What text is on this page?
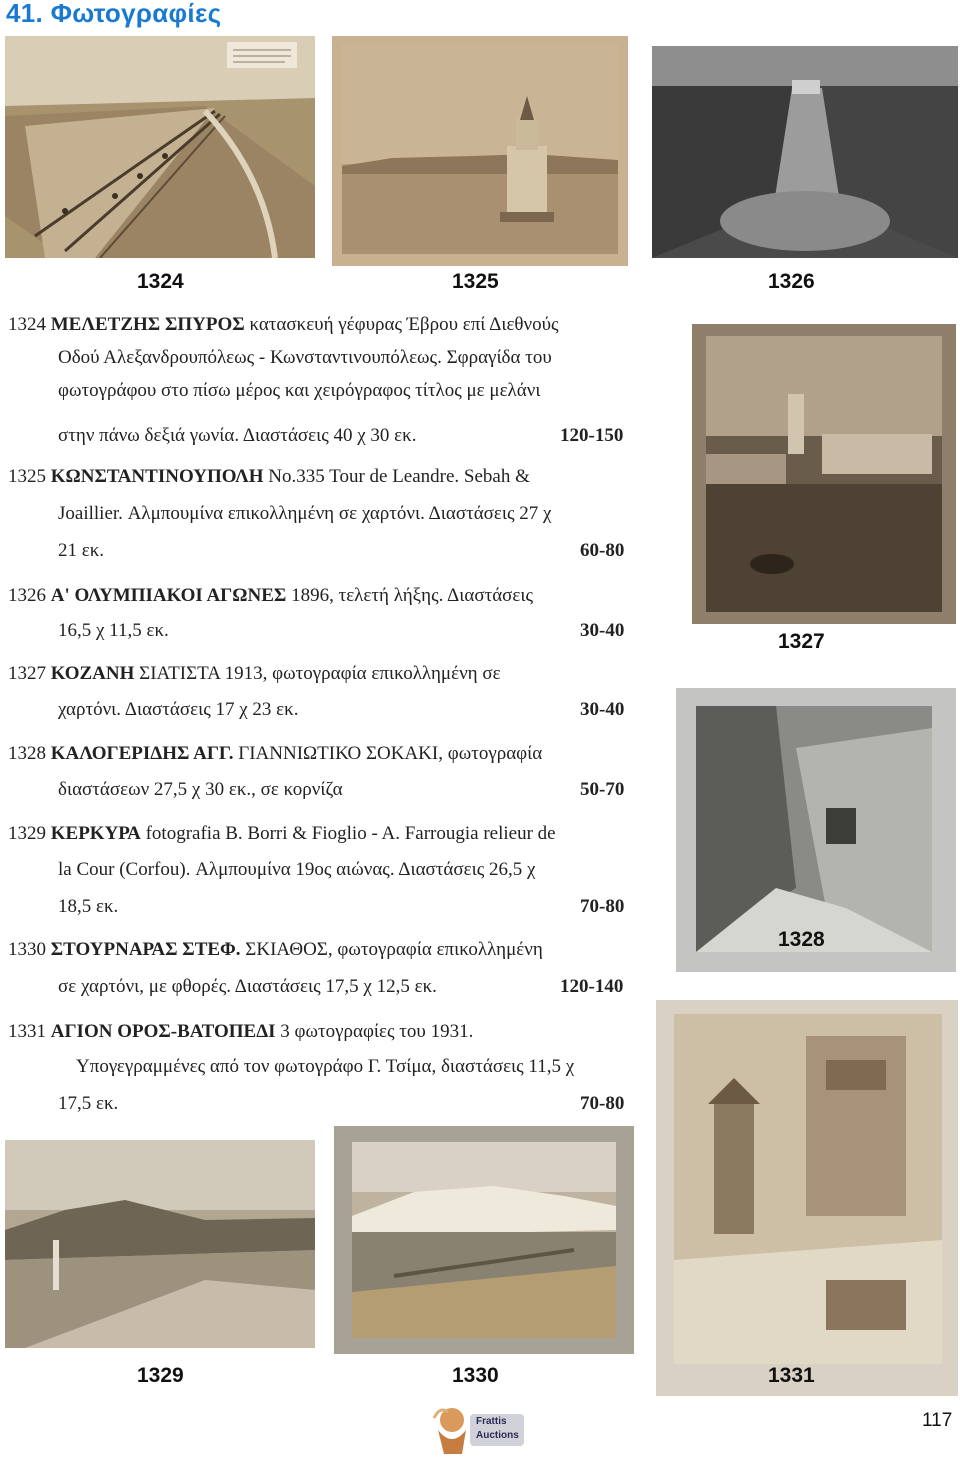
41. Φωτογραφίες
1324	1325	1326
1327
1328
1329	1330	1331
1324 ΜΕΛΕΤΖΗΣ ΣΠΥΡΟΣ κατασκευή γέφυρας Έβρου επί Διεθνούς
Οδού Αλεξανδρουπόλεως - Κωνσταντινουπόλεως. Σφραγίδα του
φωτογράφου στο πίσω μέρος και χειρόγραφος τίτλος με μελάνι
στην πάνω δεξιά γωνία. Διαστάσεις 40 χ 30 εκ.	120-150
1325 ΚΩΝΣΤΑΝΤΙΝΟΥΠΟΛΗ No.335 Tour de Leandre. Sebah &
Joaillier. Αλμπουμίνα επικολλημένη σε χαρτόνι. Διαστάσεις 27 χ
21 εκ.	60-80
1326 Α' ΟΛΥΜΠΙΑΚΟΙ ΑΓΩΝΕΣ 1896, τελετή λήξης. Διαστάσεις
16,5 χ 11,5 εκ.	30-40
1327 ΚΟΖΑΝΗ ΣΙΑΤΙΣΤΑ 1913, φωτογραφία επικολλημένη σε
χαρτόνι. Διαστάσεις 17 χ 23 εκ.	30-40
1328 ΚΑΛΟΓΕΡΙΔΗΣ ΑΓΓ. ΓΙΑΝΝΙΩΤΙΚΟ ΣΟΚΑΚΙ, φωτογραφία
διαστάσεων 27,5 χ 30 εκ., σε κορνίζα	50-70
1329 ΚΕΡΚΥΡΑ fotografia B. Borri & Fioglio - A. Farrougia relieur de
la Cour (Corfou). Αλμπουμίνα 19ος αιώνας. Διαστάσεις 26,5 χ
18,5 εκ.	70-80
1330 ΣΤΟΥΡΝΑΡΑΣ ΣΤΕΦ. ΣΚΙΑΘΟΣ, φωτογραφία επικολλημένη
σε χαρτόνι, με φθορές. Διαστάσεις 17,5 χ 12,5 εκ.	120-140
1331 ΑΓΙΟΝ ΟΡΟΣ-ΒΑΤΟΠΕΔΙ 3 φωτογραφίες του 1931.
Υπογεγραμμένες από τον φωτογράφο Γ. Τσίμα, διαστάσεις 11,5 χ
17,5 εκ.	70-80
Frattis
Auctions
117
